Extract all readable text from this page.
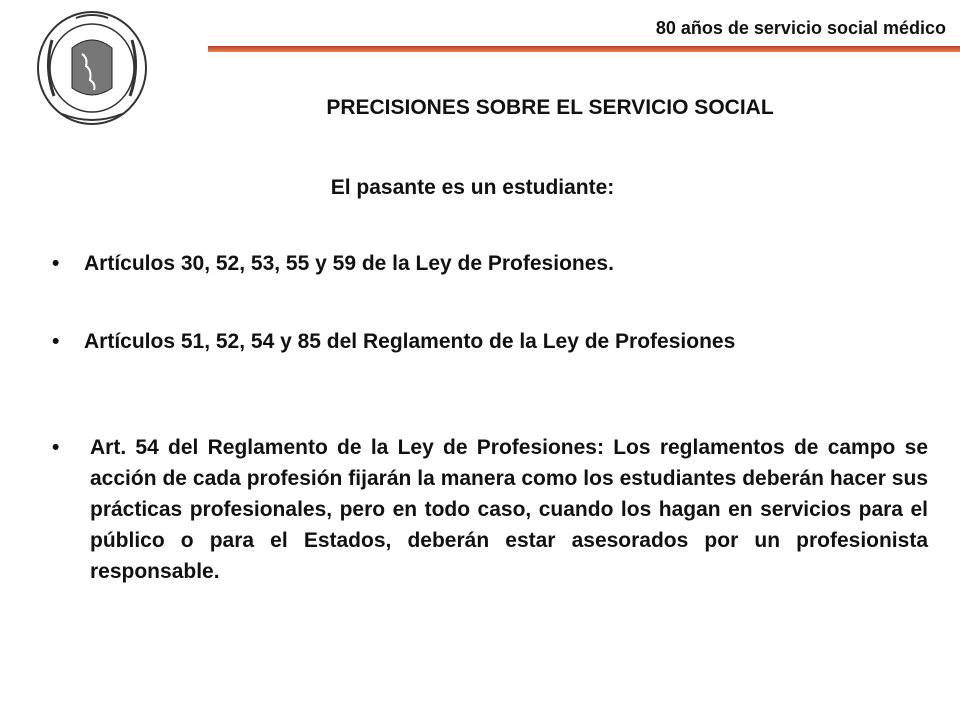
80 años de servicio social médico
PRECISIONES SOBRE EL SERVICIO SOCIAL
El pasante es un estudiante:
• Artículos 30, 52, 53, 55 y 59 de la Ley de Profesiones.
• Artículos 51, 52, 54 y 85 del Reglamento de la Ley de Profesiones
• Art. 54 del Reglamento de la Ley de Profesiones: Los reglamentos de campo se acción de cada profesión fijarán la manera como los estudiantes deberán hacer sus prácticas profesionales, pero en todo caso, cuando los hagan en servicios para el público o para el Estados, deberán estar asesorados por un profesionista responsable.
